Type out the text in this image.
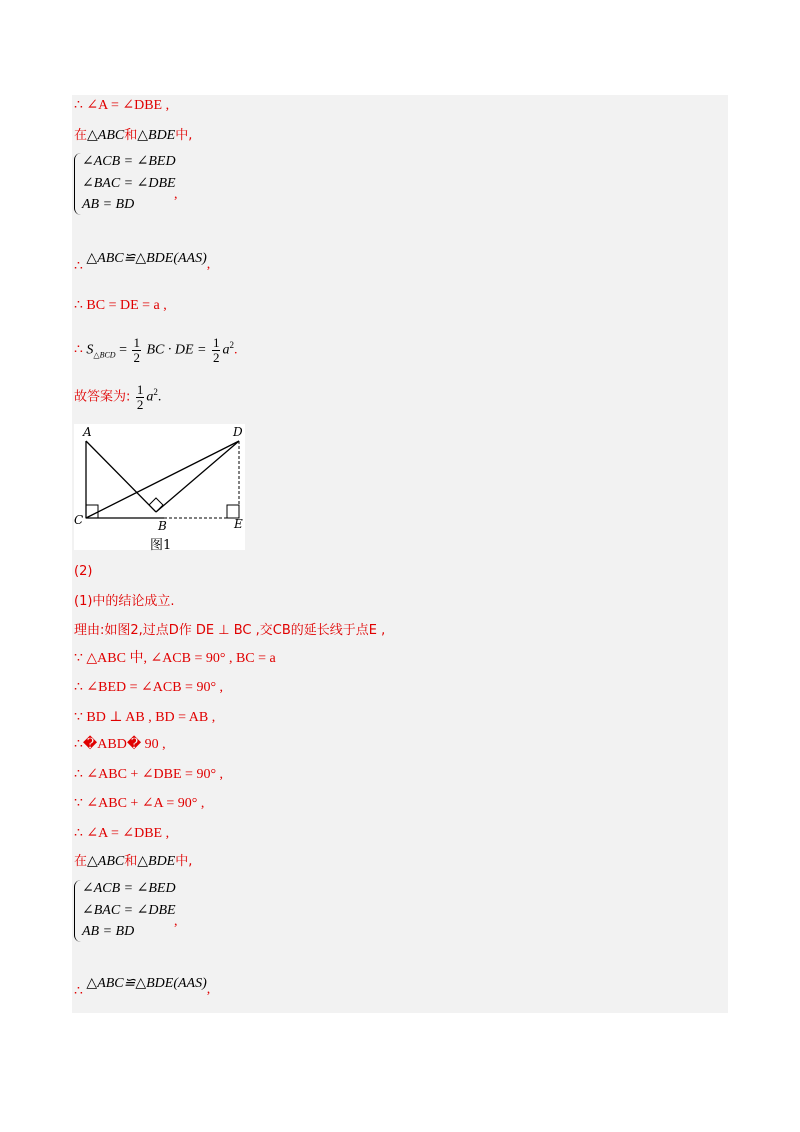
∴ ∠A = ∠DBE ,
在△ABC和△BDE中,
∠ACB = ∠BED
∠BAC = ∠DBE
AB = BD
,
∴ △ABC≌△BDE(AAS),
∴ BC = DE = a ,
∴ $S_{\triangle BCD} = \frac{1}{2}$ BC · DE = $\frac{1}{2} a^2$.
故答案为: $\frac{1}{2} a^2$.
A	D
C	B	E
图1
(2)
(1)中的结论成立.
理由:如图2,过点D作 DE ⊥ BC ,交CB的延长线于点E ,
∵ △ABC 中, ∠ACB = 90° , BC = a
∴ ∠BED = ∠ACB = 90° ,
∵ BD ⊥ AB , BD = AB ,
∴�ABD� 90 ,
∴ ∠ABC + ∠DBE = 90° ,
∵ ∠ABC + ∠A = 90° ,
∴ ∠A = ∠DBE ,
在△ABC和△BDE中,
∠ACB = ∠BED
∠BAC = ∠DBE
AB = BD
,
∴ △ABC≌△BDE(AAS),
